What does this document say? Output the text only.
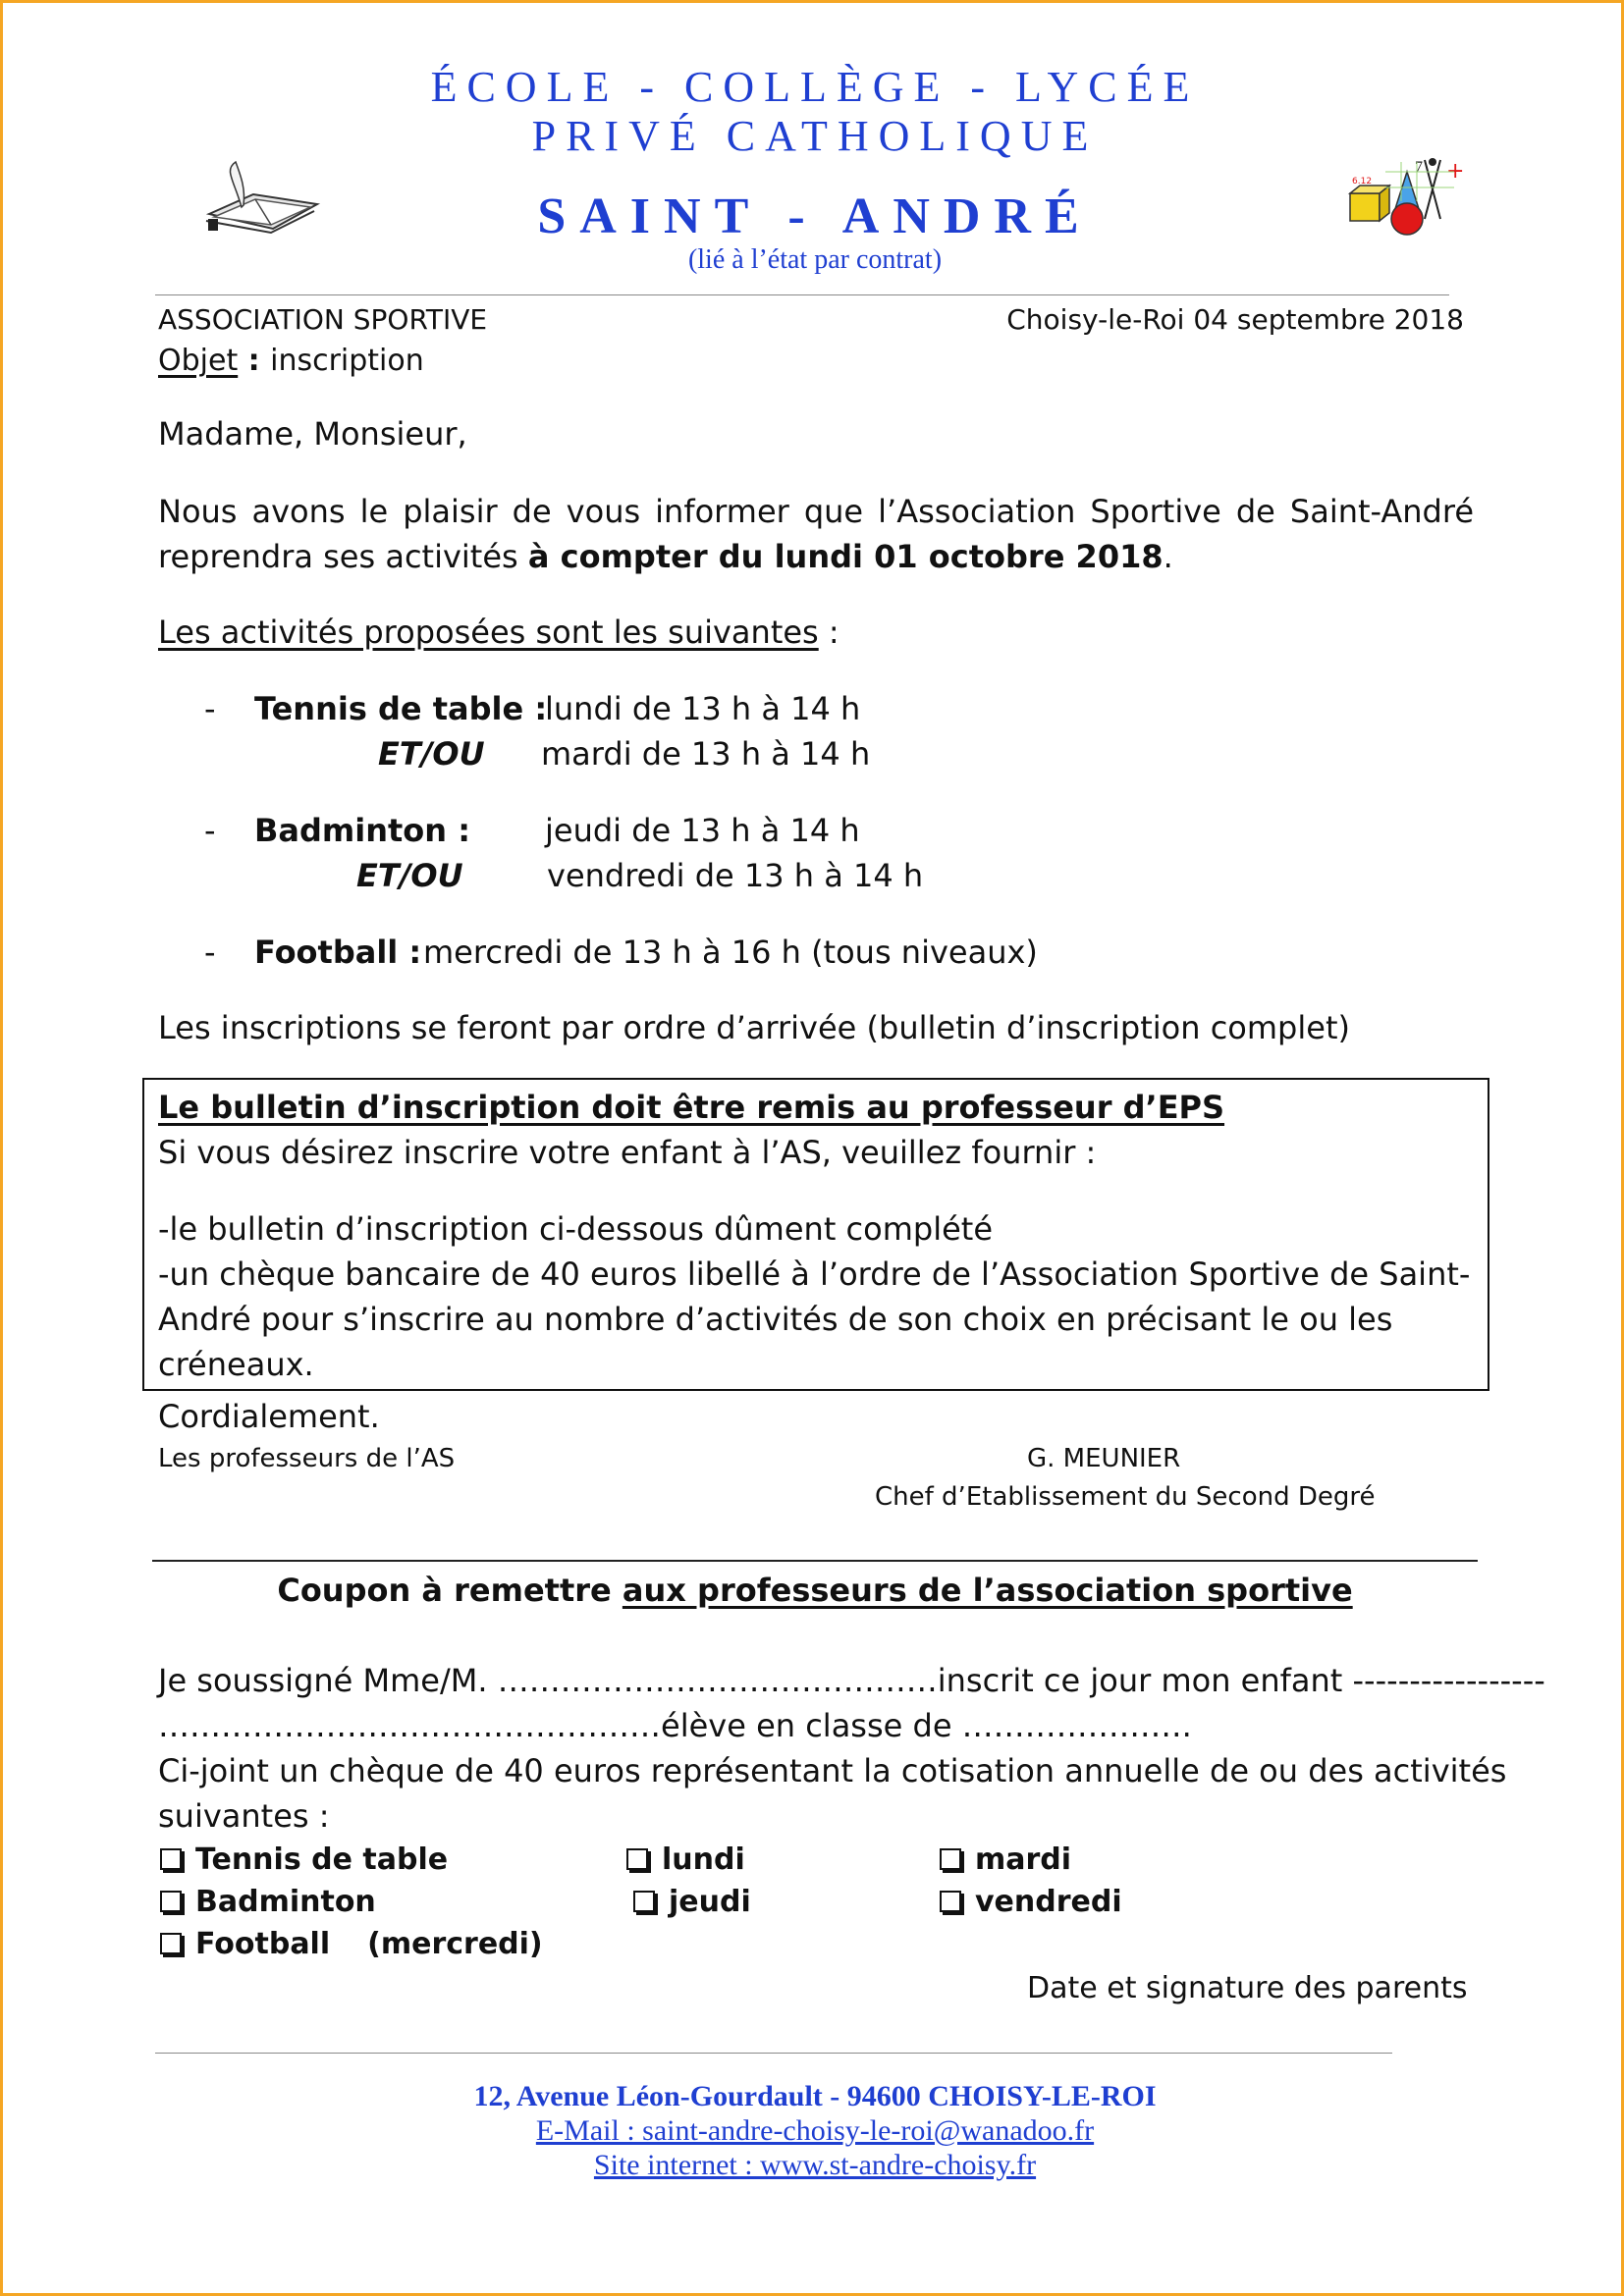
ÉCOLE - COLLÈGE - LYCÉE
PRIVÉ CATHOLIQUE
SAINT - ANDRÉ
(lié à l’état par contrat)
7 +
6.12
ASSOCIATION SPORTIVE	Choisy-le-Roi 04 septembre 2018
Objet : inscription
Madame, Monsieur,
Nous avons le plaisir de vous informer que l’Association Sportive de Saint-André
reprendra ses activités à compter du lundi 01 octobre 2018.
Les activités proposées sont les suivantes :
- Tennis de table :
lundi de 13 h à 14 h
ET/OU mardi de 13 h à 14 h
- Badminton : jeudi de 13 h à 14 h
ET/OU	vendredi de 13 h à 14 h
- Football : mercredi de 13 h à 16 h (tous niveaux)
Les inscriptions se feront par ordre d’arrivée (bulletin d’inscription complet)
Le bulletin d’inscription doit être remis au professeur d’EPS
Si vous désirez inscrire votre enfant à l’AS, veuillez fournir :
-le bulletin d’inscription ci-dessous dûment complété
-un chèque bancaire de 40 euros libellé à l’ordre de l’Association Sportive de Saint-
André pour s’inscrire au nombre d’activités de son choix en précisant le ou les
créneaux.
Cordialement.
Les professeurs de l’AS	G. MEUNIER
Chef d’Etablissement du Second Degré
Coupon à remettre aux professeurs de l’association sportive
Je soussigné Mme/M. ……………………………………inscrit ce jour mon enfant -----------------
…………………………………………élève en classe de ………………….
Ci-joint un chèque de 40 euros représentant la cotisation annuelle de ou des activités
suivantes :
Tennis de table	lundi	mardi
Badminton	jeudi	vendredi
Football (mercredi)
Date et signature des parents
12, Avenue Léon-Gourdault - 94600 CHOISY-LE-ROI
E-Mail : saint-andre-choisy-le-roi@wanadoo.fr
Site internet : www.st-andre-choisy.fr
